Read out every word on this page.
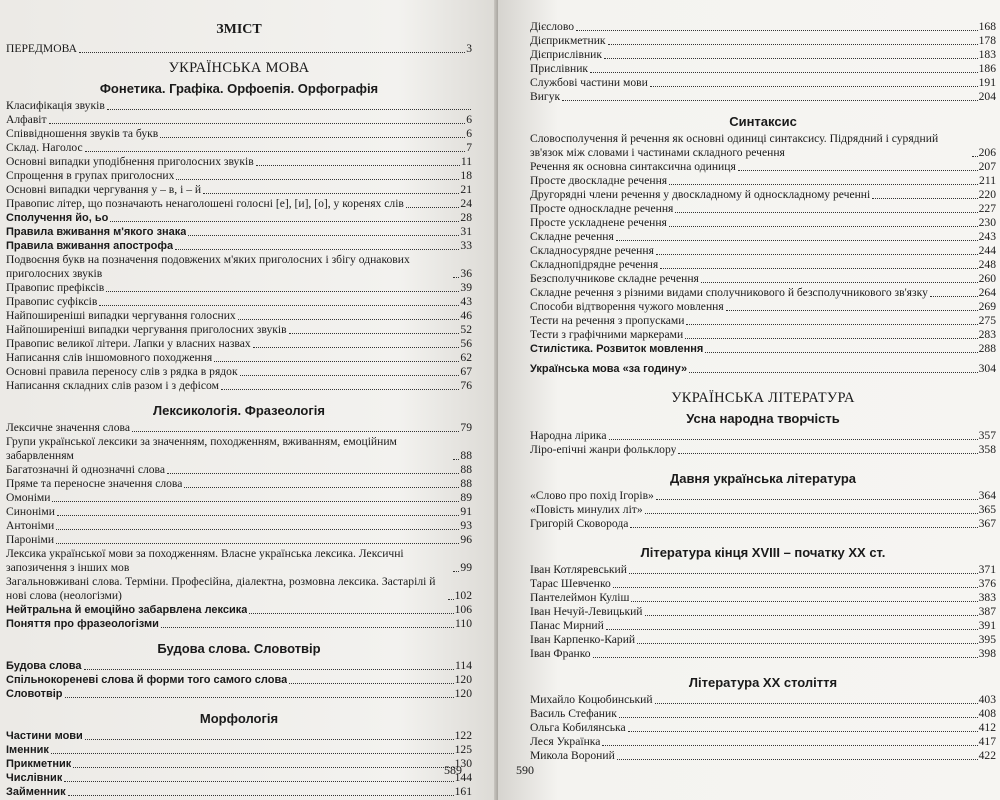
ЗМІСТ
ПЕРЕДМОВА	3
УКРАЇНСЬКА МОВА
Фонетика. Графіка. Орфоепія. Орфографія
Класифікація звуків
Алфавіт	6
Співвідношення звуків та букв	6
Склад. Наголос	7
Основні випадки уподібнення приголосних звуків	11
Спрощення в групах приголосних	18
Основні випадки чергування у – в, і – й	21
Правопис літер, що позначають ненаголошені голосні [е], [и], [о], у коренях слів	24
Сполучення йо, ьо	28
Правила вживання м'якого знака	31
Правила вживання апострофа	33
Подвоєння букв на позначення подовжених м'яких приголосних і збігу однакових приголосних звуків	36
Правопис префіксів	39
Правопис суфіксів	43
Найпоширеніші випадки чергування голосних	46
Найпоширеніші випадки чергування приголосних звуків	52
Правопис великої літери. Лапки у власних назвах	56
Написання слів іншомовного походження	62
Основні правила переносу слів з рядка в рядок	67
Написання складних слів разом і з дефісом	76
Лексикологія. Фразеологія
Лексичне значення слова	79
Групи української лексики за значенням, походженням, вживанням, емоційним забарвленням	88
Багатозначні й однозначні слова	88
Пряме та переносне значення слова	88
Омоніми	89
Синоніми	91
Антоніми	93
Пароніми	96
Лексика української мови за походженням. Власне українська лексика. Лексичні запозичення з інших мов	99
Загальновживані слова. Терміни. Професійна, діалектна, розмовна лексика. Застарілі й нові слова (неологізми)	102
Нейтральна й емоційно забарвлена лексика	106
Поняття про фразеологізми	110
Будова слова. Словотвір
Будова слова	114
Спільнокореневі слова й форми того самого слова	120
Словотвір	120
Морфологія
Частини мови	122
Іменник	125
Прикметник	130
Числівник	144
Займенник	161
589
Дієслово	168
Дієприкметник	178
Дієприслівник	183
Прислівник	186
Службові частини мови	191
Вигук	204
Синтаксис
Словосполучення й речення як основні одиниці синтаксису. Підрядний і сурядний зв'язок між словами і частинами складного речення	206
Речення як основна синтаксична одиниця	207
Просте двоскладне речення	211
Другорядні члени речення у двоскладному й односкладному реченні	220
Просте односкладне речення	227
Просте ускладнене речення	230
Складне речення	243
Складносурядне речення	244
Складнопідрядне речення	248
Безсполучникове складне речення	260
Складне речення з різними видами сполучникового й безсполучникового зв'язку	264
Способи відтворення чужого мовлення	269
Тести на речення з пропусками	275
Тести з графічними маркерами	283
Стилістика. Розвиток мовлення	288
Українська мова «за годину»	304
УКРАЇНСЬКА ЛІТЕРАТУРА
Усна народна творчість
Народна лірика	357
Ліро-епічні жанри фольклору	358
Давня українська література
«Слово про похід Ігорів»	364
«Повість минулих літ»	365
Григорій Сковорода	367
Література кінця XVIII – початку XX ст.
Іван Котляревський	371
Тарас Шевченко	376
Пантелеймон Куліш	383
Іван Нечуй-Левицький	387
Панас Мирний	391
Іван Карпенко-Карий	395
Іван Франко	398
Література XX століття
Михайло Коцюбинський	403
Василь Стефаник	408
Ольга Кобилянська	412
Леся Українка	417
Микола Вороний	422
590
